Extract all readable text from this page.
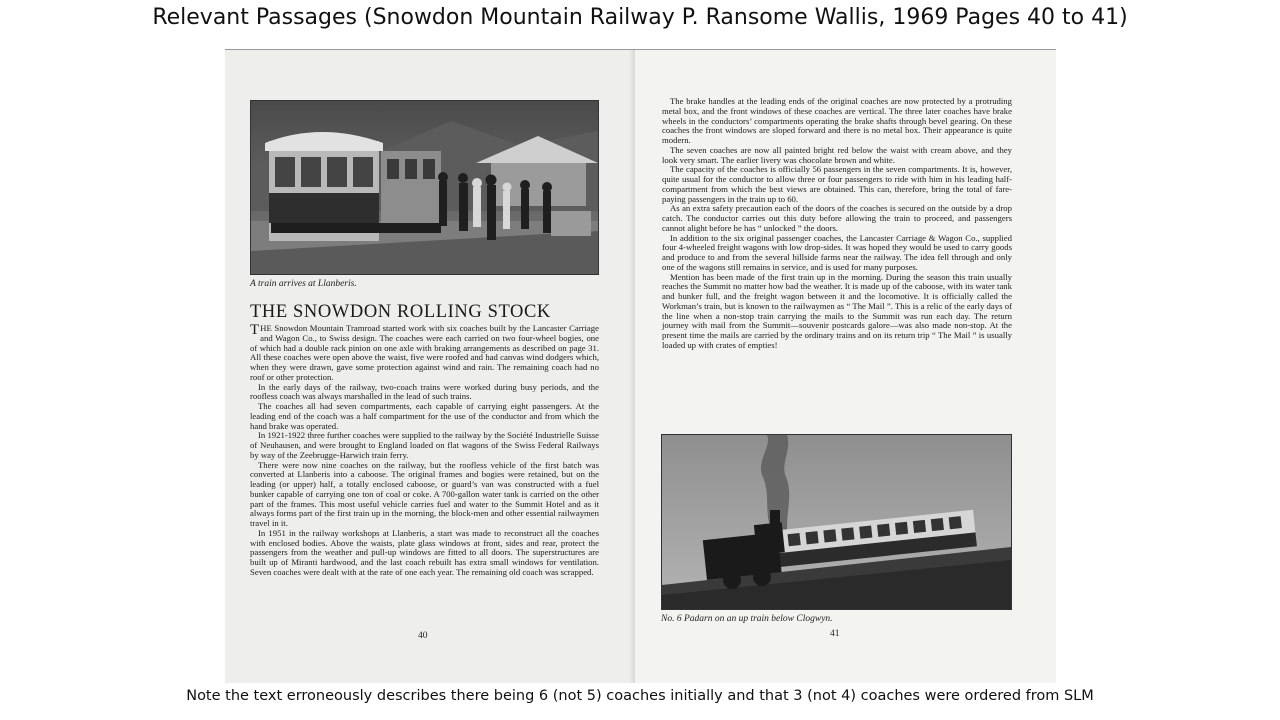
Relevant Passages (Snowdon Mountain Railway P. Ransome Wallis, 1969 Pages 40 to 41)
A train arrives at Llanberis.
THE SNOWDON ROLLING STOCK

THE Snowdon Mountain Tramroad started work with six coaches built by the Lancaster Carriage and Wagon Co., to Swiss design. The coaches were each carried on two four-wheel bogies, one of which had a double rack pinion on one axle with braking arrangements as described on page 31. All these coaches were open above the waist, five were roofed and had canvas wind dodgers which, when they were drawn, gave some protection against wind and rain. The remaining coach had no roof or other protection.

In the early days of the railway, two-coach trains were worked during busy periods, and the roofless coach was always marshalled in the lead of such trains.

The coaches all had seven compartments, each capable of carrying eight passengers. At the leading end of the coach was a half compartment for the use of the conductor and from which the hand brake was operated.

In 1921-1922 three further coaches were supplied to the railway by the Société Industrielle Suisse of Neuhausen, and were brought to England loaded on flat wagons of the Swiss Federal Railways by way of the Zeebrugge-Harwich train ferry.

There were now nine coaches on the railway, but the roofless vehicle of the first batch was converted at Llanberis into a caboose. The original frames and bogies were retained, but on the leading (or upper) half, a totally enclosed caboose, or guard’s van was constructed with a fuel bunker capable of carrying one ton of coal or coke. A 700-gallon water tank is carried on the other part of the frames. This most useful vehicle carries fuel and water to the Summit Hotel and as it always forms part of the first train up in the morning, the block-men and other essential railwaymen travel in it.

In 1951 in the railway workshops at Llanberis, a start was made to reconstruct all the coaches with enclosed bodies. Above the waists, plate glass windows at front, sides and rear, protect the passengers from the weather and pull-up windows are fitted to all doors. The superstructures are built up of Miranti hardwood, and the last coach rebuilt has extra small windows for ventilation. Seven coaches were dealt with at the rate of one each year. The remaining old coach was scrapped.

40

The brake handles at the leading ends of the original coaches are now protected by a protruding metal box, and the front windows of these coaches are vertical. The three later coaches have brake wheels in the conductors’ compartments operating the brake shafts through bevel gearing. On these coaches the front windows are sloped forward and there is no metal box. Their appearance is quite modern.

The seven coaches are now all painted bright red below the waist with cream above, and they look very smart. The earlier livery was chocolate brown and white.

The capacity of the coaches is officially 56 passengers in the seven compartments. It is, however, quite usual for the conductor to allow three or four passengers to ride with him in his leading half-compartment from which the best views are obtained. This can, therefore, bring the total of fare-paying passengers in the train up to 60.

As an extra safety precaution each of the doors of the coaches is secured on the outside by a drop catch. The conductor carries out this duty before allowing the train to proceed, and passengers cannot alight before he has “ unlocked ” the doors.

In addition to the six original passenger coaches, the Lancaster Carriage & Wagon Co., supplied four 4-wheeled freight wagons with low drop-sides. It was hoped they would be used to carry goods and produce to and from the several hillside farms near the railway. The idea fell through and only one of the wagons still remains in service, and is used for many purposes.

Mention has been made of the first train up in the morning. During the season this train usually reaches the Summit no matter how bad the weather. It is made up of the caboose, with its water tank and bunker full, and the freight wagon between it and the locomotive. It is officially called the Workman’s train, but is known to the railwaymen as “ The Mail ”. This is a relic of the early days of the line when a non-stop train carrying the mails to the Summit was run each day. The return journey with mail from the Summit—souvenir postcards galore—was also made non-stop. At the present time the mails are carried by the ordinary trains and on its return trip “ The Mail ” is usually loaded up with crates of empties!

No. 6 Padarn on an up train below Clogwyn.
41
Note the text erroneously describes there being 6 (not 5) coaches initially and that 3 (not 4) coaches were ordered from SLM
